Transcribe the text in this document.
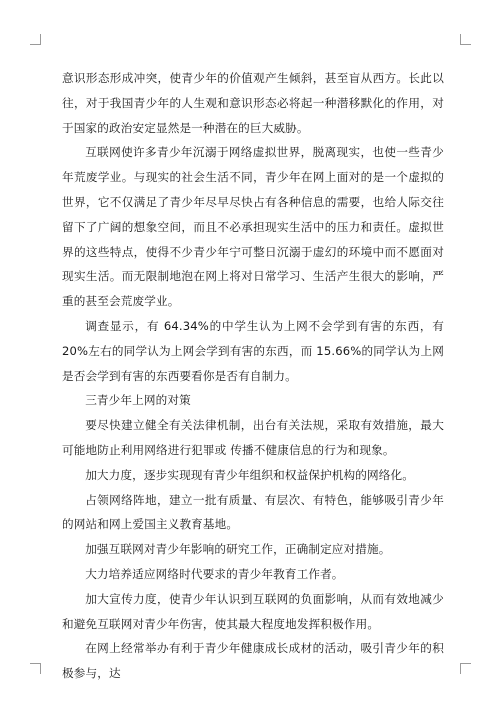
意识形态形成冲突，使青少年的价值观产生倾斜，甚至盲从西方。长此以往，对于我国青少年的人生观和意识形态必将起一种潜移默化的作用，对于国家的政治安定显然是一种潜在的巨大威胁。

互联网使许多青少年沉溺于网络虚拟世界，脱离现实，也使一些青少年荒废学业。与现实的社会生活不同，青少年在网上面对的是一个虚拟的世界，它不仅满足了青少年尽早尽快占有各种信息的需要，也给人际交往留下了广阔的想象空间，而且不必承担现实生活中的压力和责任。虚拟世界的这些特点，使得不少青少年宁可整日沉溺于虚幻的环境中而不愿面对现实生活。而无限制地泡在网上将对日常学习、生活产生很大的影响，严重的甚至会荒废学业。

调查显示，有 64.34%的中学生认为上网不会学到有害的东西，有 20%左右的同学认为上网会学到有害的东西，而 15.66%的同学认为上网是否会学到有害的东西要看你是否有自制力。

三青少年上网的对策

要尽快建立健全有关法律机制，出台有关法规，采取有效措施，最大可能地防止利用网络进行犯罪或 传播不健康信息的行为和现象。

加大力度，逐步实现现有青少年组织和权益保护机构的网络化。

占领网络阵地，建立一批有质量、有层次、有特色，能够吸引青少年的网站和网上爱国主义教育基地。

加强互联网对青少年影响的研究工作，正确制定应对措施。

大力培养适应网络时代要求的青少年教育工作者。

加大宣传力度，使青少年认识到互联网的负面影响，从而有效地减少和避免互联网对青少年伤害，使其最大程度地发挥积极作用。

在网上经常举办有利于青少年健康成长成材的活动，吸引青少年的积极参与，达
